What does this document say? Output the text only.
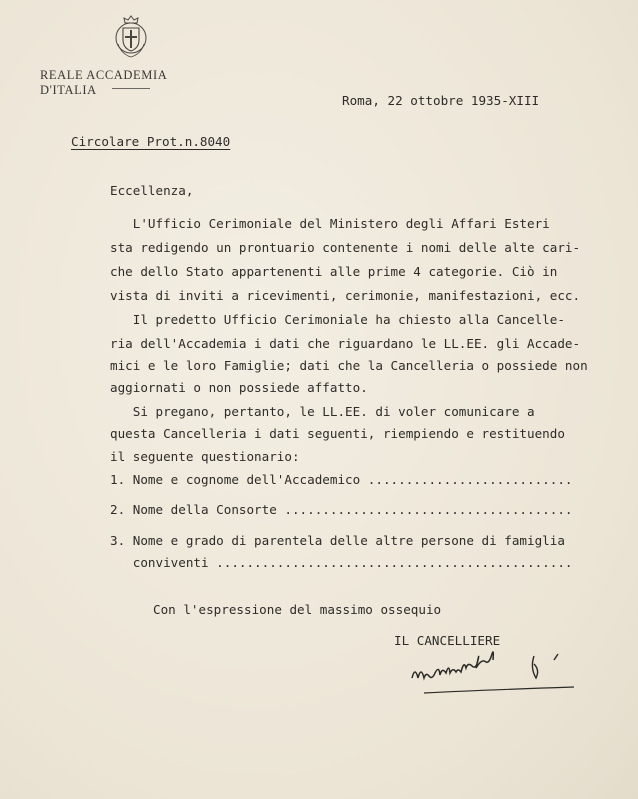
REALE ACCADEMIA D'ITALIA
Roma, 22 ottobre 1935-XIII
Circolare Prot.n.8040
Eccellenza,
L'Ufficio Cerimoniale del Ministero degli Affari Esteri
sta redigendo un prontuario contenente i nomi delle alte cari-
che dello Stato appartenenti alle prime 4 categorie. Ciò in
vista di inviti a ricevimenti, cerimonie, manifestazioni, ecc.
Il predetto Ufficio Cerimoniale ha chiesto alla Cancelle-
ria dell'Accademia i dati che riguardano le LL.EE. gli Accade-
mici e le loro Famiglie; dati che la Cancelleria o possiede non
aggiornati o non possiede affatto.
Si pregano, pertanto, le LL.EE. di voler comunicare a
questa Cancelleria i dati seguenti, riempiendo e restituendo
il seguente questionario:
1. Nome e cognome dell'Accademico ...........................
2. Nome della Consorte ......................................
3. Nome e grado di parentela delle altre persone di famiglia
conviventi ...............................................
Con l'espressione del massimo ossequio
IL CANCELLIERE
